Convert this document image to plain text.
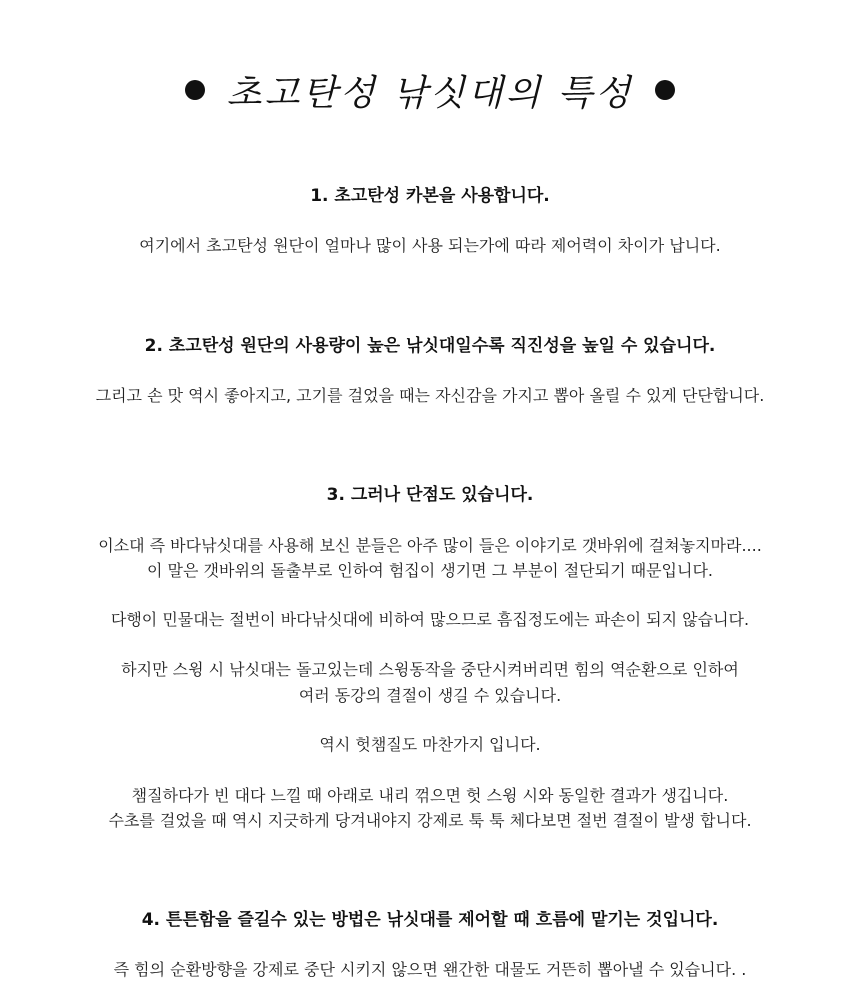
초고탄성 낚싯대의 특성
1. 초고탄성 카본을 사용합니다.
여기에서 초고탄성 원단이 얼마나 많이 사용 되는가에 따라 제어력이 차이가 납니다.
2. 초고탄성 원단의 사용량이 높은 낚싯대일수록 직진성을 높일 수 있습니다.
그리고 손 맛 역시 좋아지고, 고기를 걸었을 때는 자신감을 가지고 뽑아 올릴 수 있게 단단합니다.
3. 그러나 단점도 있습니다.
이소대 즉 바다낚싯대를 사용해 보신 분들은 아주 많이 들은 이야기로 갯바위에 걸쳐놓지마라....
이 말은 갯바위의 돌출부로 인하여 험집이 생기면 그 부분이 절단되기 때문입니다.
다행이 민물대는 절번이 바다낚싯대에 비하여 많으므로 흠집정도에는 파손이 되지 않습니다.
하지만 스윙 시 낚싯대는 돌고있는데 스윙동작을 중단시켜버리면 힘의 역순환으로 인하여
여러 동강의 결절이 생길 수 있습니다.
역시 헛챔질도 마찬가지 입니다.
챔질하다가 빈 대다 느낄 때 아래로 내리 꺾으면 헛 스윙 시와 동일한 결과가 생깁니다.
수초를 걸었을 때 역시 지긋하게 당겨내야지 강제로 툭 툭 체다보면 절번 결절이 발생 합니다.
4. 튼튼함을 즐길수 있는 방법은 낚싯대를 제어할 때 흐름에 맡기는 것입니다.
즉 힘의 순환방향을 강제로 중단 시키지 않으면 왠간한 대물도 거뜬히 뽑아낼 수 있습니다. .
